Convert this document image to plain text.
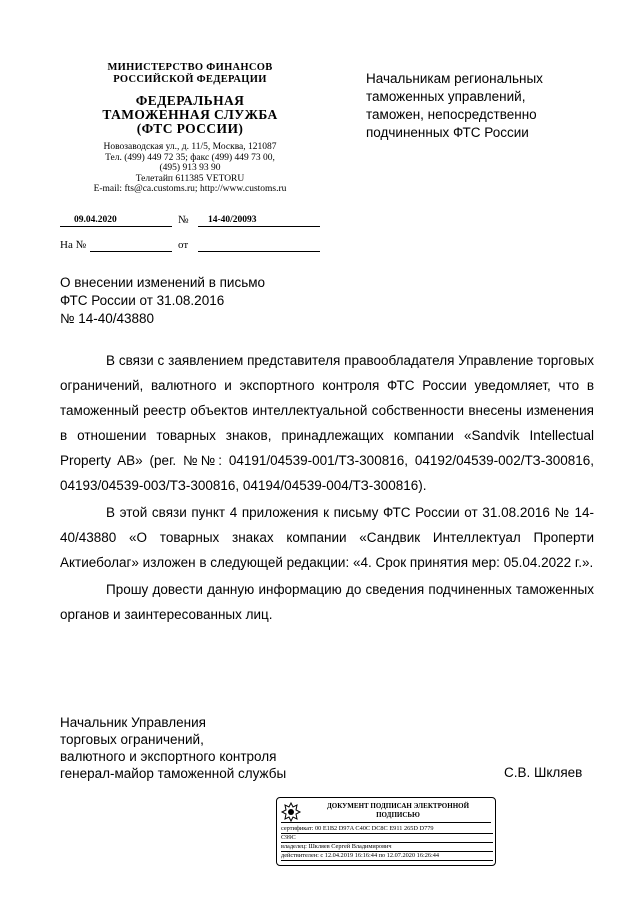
МИНИСТЕРСТВО ФИНАНСОВ
РОССИЙСКОЙ ФЕДЕРАЦИИ
ФЕДЕРАЛЬНАЯ
ТАМОЖЕННАЯ СЛУЖБА
(ФТС РОССИИ)
Новозаводская ул., д. 11/5, Москва, 121087
Тел. (499) 449 72 35; факс (499) 449 73 00,
(495) 913 93 90
Телетайп 611385 VETORU
E-mail: fts@ca.customs.ru; http://www.customs.ru
09.04.2020	№ 14-40/20093
На №	от
Начальникам региональных
таможенных управлений,
таможен, непосредственно
подчиненных ФТС России
О внесении изменений в письмо
ФТС России от 31.08.2016
№ 14-40/43880

В связи с заявлением представителя правообладателя Управление торговых ограничений, валютного и экспортного контроля ФТС России уведомляет, что в таможенный реестр объектов интеллектуальной собственности внесены изменения в отношении товарных знаков, принадлежащих компании «Sandvik Intellectual Property AB» (рег. №№: 04191/04539-001/ТЗ-300816, 04192/04539-002/ТЗ-300816, 04193/04539-003/ТЗ-300816, 04194/04539-004/ТЗ-300816).

В этой связи пункт 4 приложения к письму ФТС России от 31.08.2016 № 14-40/43880 «О товарных знаках компании «Сандвик Интеллектуал Проперти Актиеболаг» изложен в следующей редакции: «4. Срок принятия мер: 05.04.2022 г.».

Прошу довести данную информацию до сведения подчиненных таможенных органов и заинтересованных лиц.

Начальник Управления
торговых ограничений,
валютного и экспортного контроля
генерал-майор таможенной службы	С.В. Шкляев
ДОКУМЕНТ ПОДПИСАН ЭЛЕКТРОННОЙ
ПОДПИСЬЮ
сертификат: 00 E1B2 D97A C40C DC8C E911 265D D779
C99C
владелец: Шкляев Сергей Владимирович
действителен: с 12.04.2019 16:16:44 по 12.07.2020 16:26:44
